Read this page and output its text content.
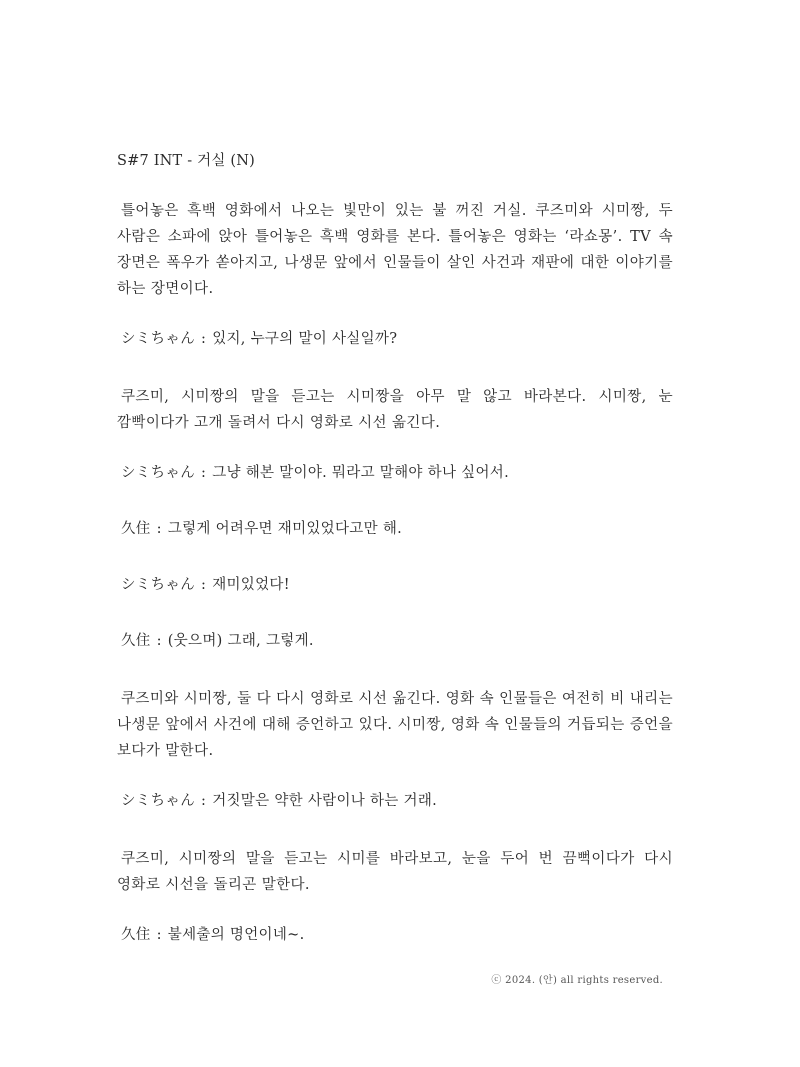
S#7 INT - 거실 (N)

틀어놓은 흑백 영화에서 나오는 빛만이 있는 불 꺼진 거실. 쿠즈미와 시미짱, 두 사람은 소파에 앉아 틀어놓은 흑백 영화를 본다. 틀어놓은 영화는 ‘라쇼몽’. TV 속 장면은 폭우가 쏟아지고, 나생문 앞에서 인물들이 살인 사건과 재판에 대한 이야기를 하는 장면이다.

シミちゃん : 있지, 누구의 말이 사실일까?

쿠즈미, 시미짱의 말을 듣고는 시미짱을 아무 말 않고 바라본다. 시미짱, 눈 깜빡이다가 고개 돌려서 다시 영화로 시선 옮긴다.

シミちゃん : 그냥 해본 말이야. 뭐라고 말해야 하나 싶어서.
久住 : 그렇게 어려우면 재미있었다고만 해.
シミちゃん : 재미있었다!
久住 : (웃으며) 그래, 그렇게.

쿠즈미와 시미짱, 둘 다 다시 영화로 시선 옮긴다. 영화 속 인물들은 여전히 비 내리는 나생문 앞에서 사건에 대해 증언하고 있다. 시미짱, 영화 속 인물들의 거듭되는 증언을 보다가 말한다.

シミちゃん : 거짓말은 약한 사람이나 하는 거래.

쿠즈미, 시미짱의 말을 듣고는 시미를 바라보고, 눈을 두어 번 끔뻑이다가 다시 영화로 시선을 돌리곤 말한다.

久住 : 불세출의 명언이네~.
ⓒ 2024. (안) all rights reserved.
